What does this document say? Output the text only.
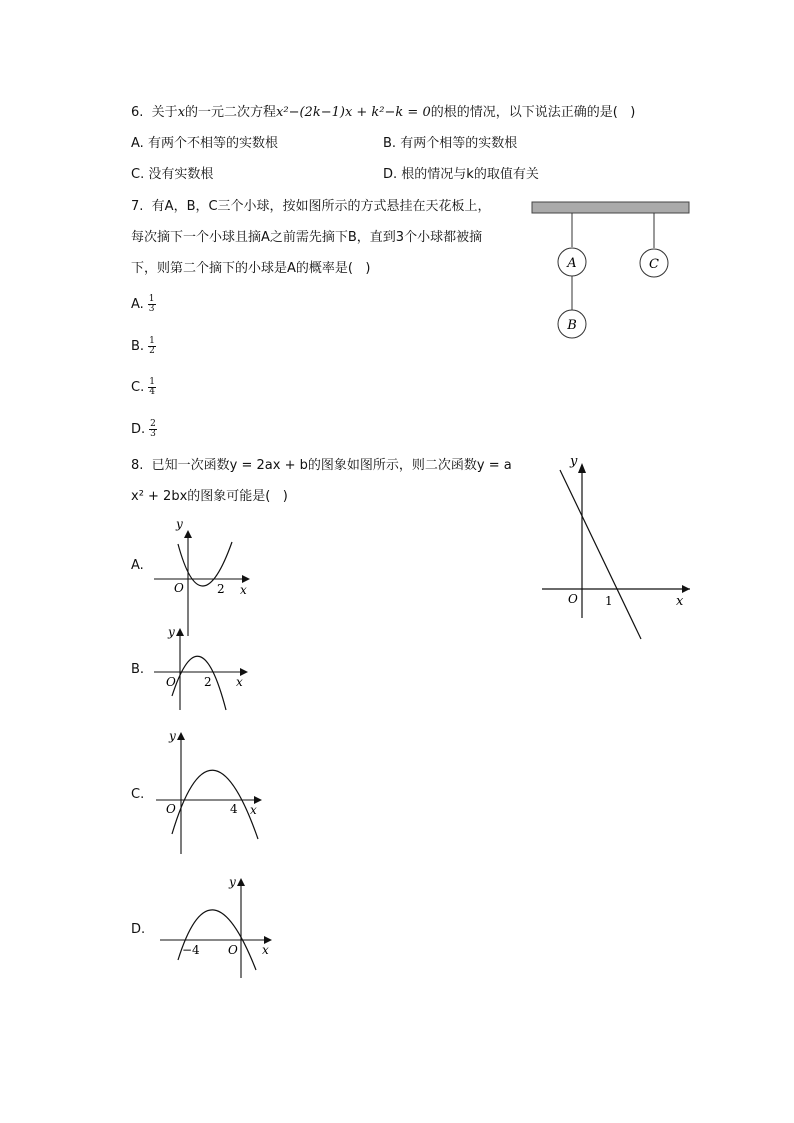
6. 关于x的一元二次方程x²−(2k−1)x + k²−k = 0的根的情况，以下说法正确的是(   )
A. 有两个不相等的实数根	B. 有两个相等的实数根
C. 没有实数根	D. 根的情况与k的取值有关
7. 有A，B，C三个小球，按如图所示的方式悬挂在天花板上，
每次摘下一个小球且摘A之前需先摘下B，直到3个小球都被摘
下，则第二个摘下的小球是A的概率是(   )
A. $\frac{1}{3}$
B. $\frac{1}{2}$
C. $\frac{1}{4}$
D. $\frac{2}{3}$
A
B
C
8. 已知一次函数y = 2ax + b的图象如图所示，则二次函数y = a
x² + 2bx的图象可能是(   )
y
x
O 1
A.
y
x
O	2
B.
y
x
O 2
C.
y
x
O	4
D.
y
x
O
−4
